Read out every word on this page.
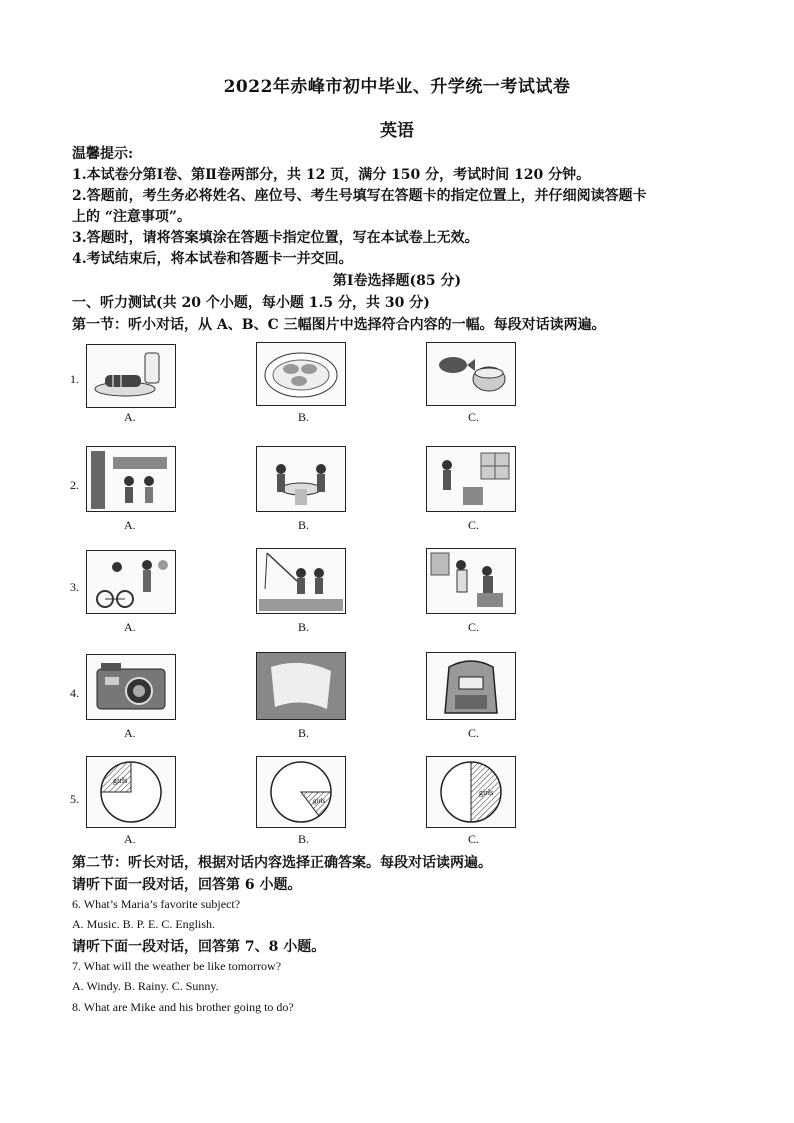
2022年赤峰市初中毕业、升学统一考试试卷
英语

温馨提示:

1.本试卷分第Ⅰ卷、第Ⅱ卷两部分，共 12 页，满分 150 分，考试时间 120 分钟。

2.答题前，考生务必将姓名、座位号、考生号填写在答题卡的指定位置上，并仔细阅读答题卡

上的 “注意事项”。

3.答题时，请将答案填涂在答题卡指定位置，写在本试卷上无效。

4.考试结束后，将本试卷和答题卡一并交回。

第Ⅰ卷选择题(85 分)
一、听力测试(共 20 个小题，每小题 1.5 分，共 30 分)
第一节：听小对话，从 A、B、C 三幅图片中选择符合内容的一幅。每段对话读两遍。
1.
A.	B.	C.
2.
A.	B.	C.
3.
A.	B.	C.
4.
A.	B.	C.
5.
girls
girls
girls
A.	B.	C.
第二节：听长对话，根据对话内容选择正确答案。每段对话读两遍。
请听下面一段对话，回答第 6 小题。
6. What’s Maria’s favorite subject?
A. Music. B. P. E. C. English.
请听下面一段对话，回答第 7、8 小题。
7. What will the weather be like tomorrow?
A. Windy. B. Rainy. C. Sunny.
8. What are Mike and his brother going to do?
